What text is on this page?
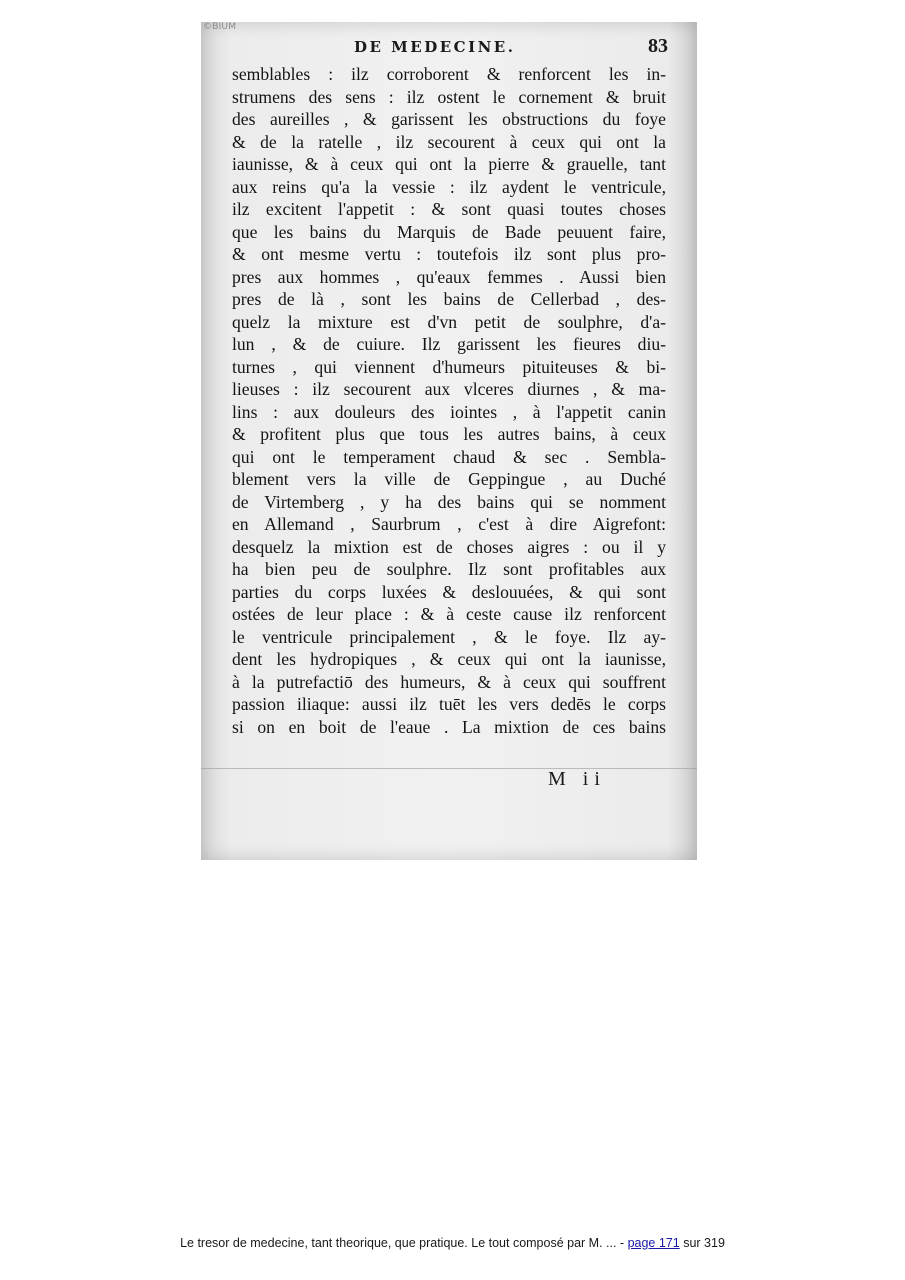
©BIUM
DE MEDECINE.	83
semblables : ilz corroborent & renforcent les in-
strumens des sens : ilz ostent le cornement & bruit
des aureilles , & garissent les obstructions du foye
& de la ratelle , ilz secourent à ceux qui ont la
iaunisse, & à ceux qui ont la pierre & grauelle, tant
aux reins qu'a la vessie : ilz aydent le ventricule,
ilz excitent l'appetit : & sont quasi toutes choses
que les bains du Marquis de Bade peuuent faire,
& ont mesme vertu : toutefois ilz sont plus pro-
pres aux hommes , qu'eaux femmes . Aussi bien
pres de là , sont les bains de Cellerbad , des-
quelz la mixture est d'vn petit de soulphre, d'a-
lun , & de cuiure. Ilz garissent les fieures diu-
turnes , qui viennent d'humeurs pituiteuses & bi-
lieuses : ilz secourent aux vlceres diurnes , & ma-
lins : aux douleurs des iointes , à l'appetit canin
& profitent plus que tous les autres bains, à ceux
qui ont le temperament chaud & sec . Sembla-
blement vers la ville de Geppingue , au Duché
de Virtemberg , y ha des bains qui se nomment
en Allemand , Saurbrum , c'est à dire Aigrefont:
desquelz la mixtion est de choses aigres : ou il y
ha bien peu de soulphre. Ilz sont profitables aux
parties du corps luxées & deslouuées, & qui sont
ostées de leur place : & à ceste cause ilz renforcent
le ventricule principalement , & le foye. Ilz ay-
dent les hydropiques , & ceux qui ont la iaunisse,
à la putrefactiō des humeurs, & à ceux qui souffrent
passion iliaque: aussi ilz tuēt les vers dedēs le corps
si on en boit de l'eaue . La mixtion de ces bains
M ii
Le tresor de medecine, tant theorique, que pratique. Le tout composé par M. ... - page 171 sur 319
